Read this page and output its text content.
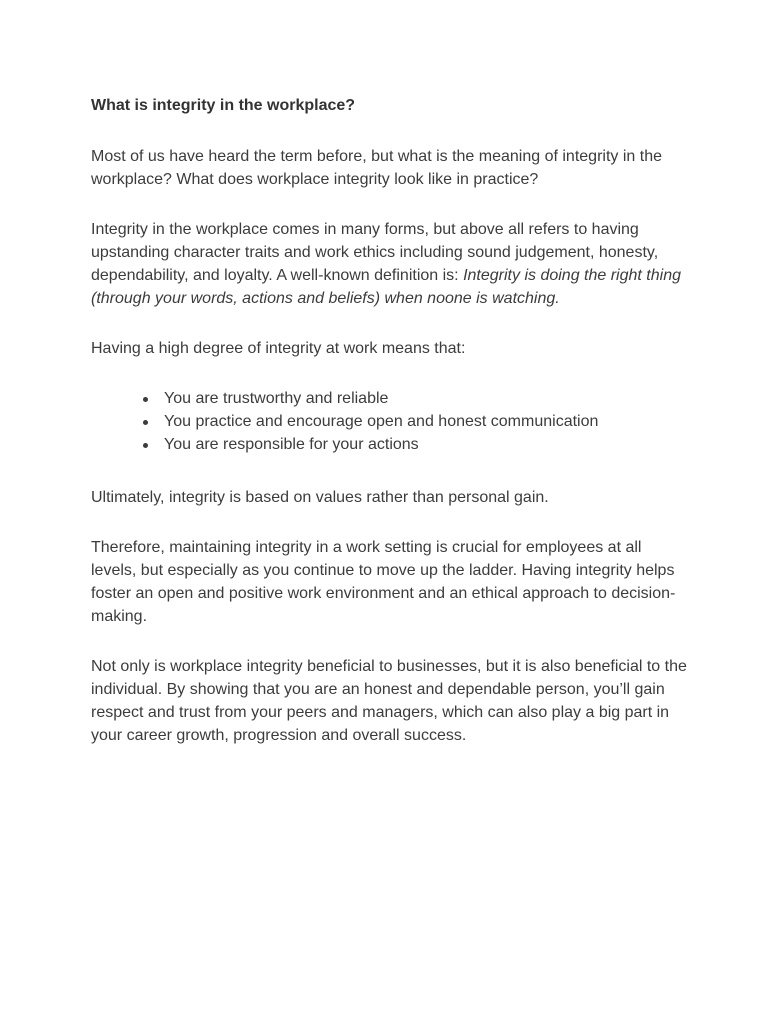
What is integrity in the workplace?

Most of us have heard the term before, but what is the meaning of integrity in the workplace? What does workplace integrity look like in practice?

Integrity in the workplace comes in many forms, but above all refers to having upstanding character traits and work ethics including sound judgement, honesty, dependability, and loyalty. A well-known definition is: Integrity is doing the right thing (through your words, actions and beliefs) when noone is watching.

Having a high degree of integrity at work means that:

You are trustworthy and reliable
You practice and encourage open and honest communication
You are responsible for your actions

Ultimately, integrity is based on values rather than personal gain.

Therefore, maintaining integrity in a work setting is crucial for employees at all levels, but especially as you continue to move up the ladder. Having integrity helps foster an open and positive work environment and an ethical approach to decision-making.

Not only is workplace integrity beneficial to businesses, but it is also beneficial to the individual. By showing that you are an honest and dependable person, you’ll gain respect and trust from your peers and managers, which can also play a big part in your career growth, progression and overall success.
